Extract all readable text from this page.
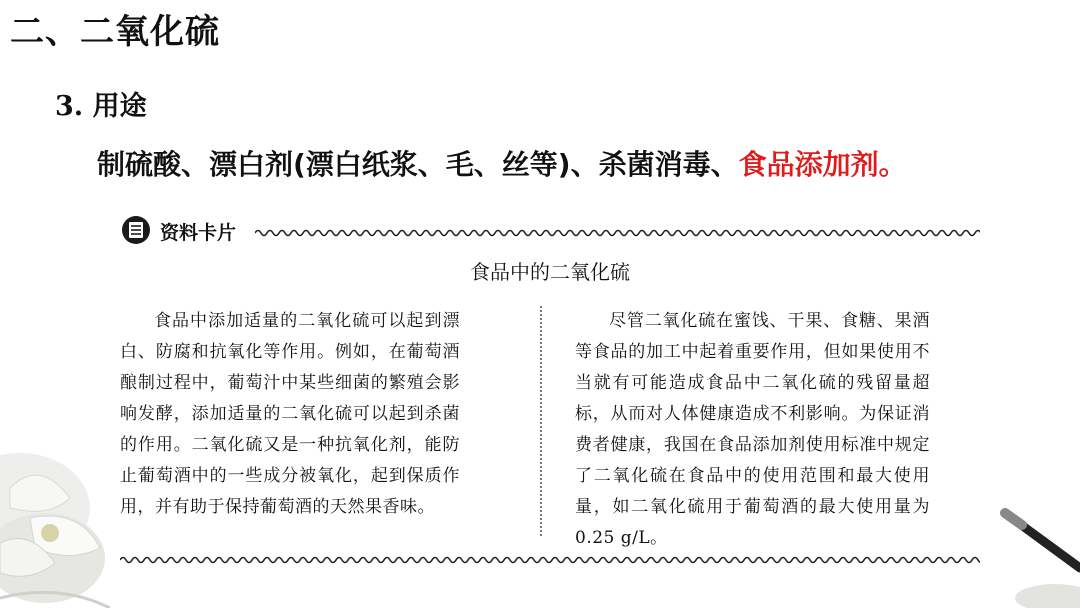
二、二氧化硫
3. 用途
制硫酸、漂白剂(漂白纸浆、毛、丝等)、杀菌消毒、食品添加剂。
资料卡片
食品中的二氧化硫

食品中添加适量的二氧化硫可以起到漂白、防腐和抗氧化等作用。例如，在葡萄酒酿制过程中，葡萄汁中某些细菌的繁殖会影响发酵，添加适量的二氧化硫可以起到杀菌的作用。二氧化硫又是一种抗氧化剂，能防止葡萄酒中的一些成分被氧化，起到保质作用，并有助于保持葡萄酒的天然果香味。

尽管二氧化硫在蜜饯、干果、食糖、果酒等食品的加工中起着重要作用，但如果使用不当就有可能造成食品中二氧化硫的残留量超标，从而对人体健康造成不利影响。为保证消费者健康，我国在食品添加剂使用标准中规定了二氧化硫在食品中的使用范围和最大使用量，如二氧化硫用于葡萄酒的最大使用量为0.25 g/L。
